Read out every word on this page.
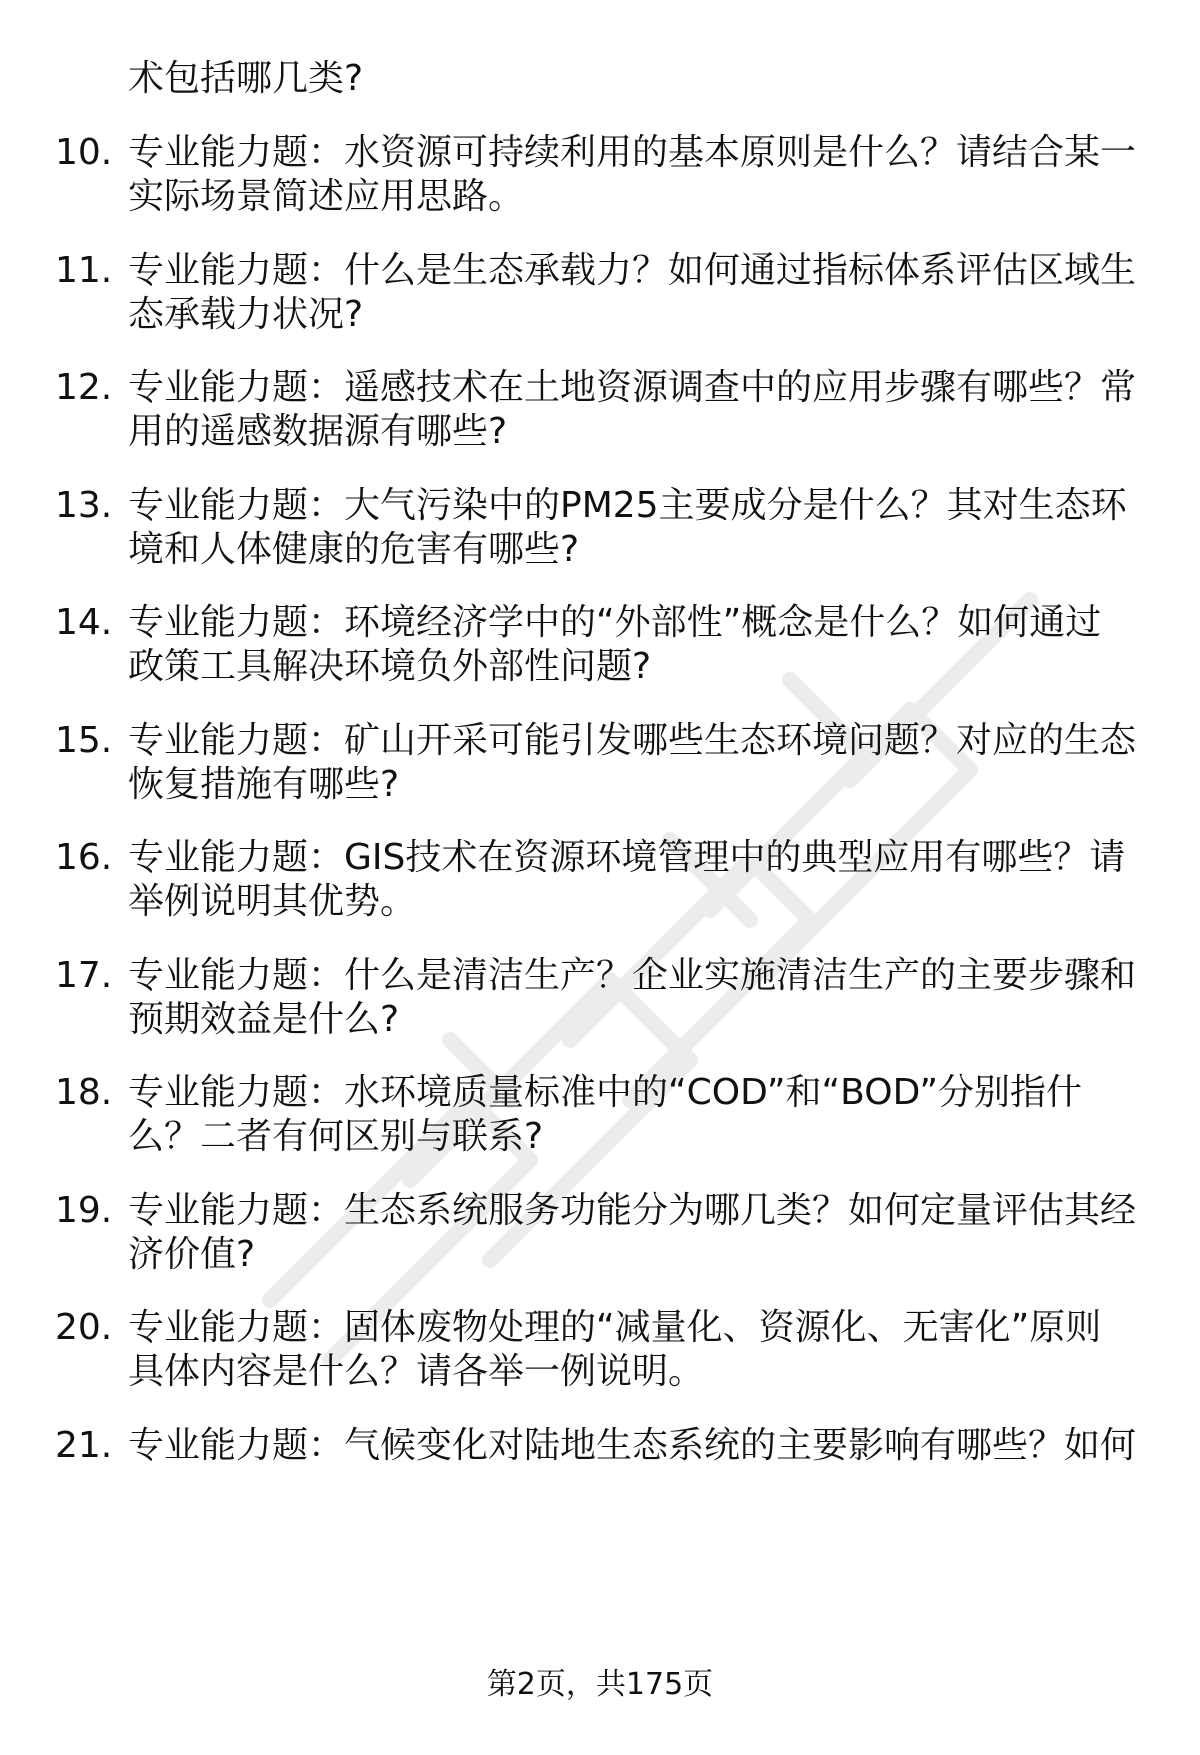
术包括哪几类?
10. 专业能力题：水资源可持续利用的基本原则是什么？请结合某一
实际场景简述应用思路。
11. 专业能力题：什么是生态承载力？如何通过指标体系评估区域生
态承载力状况?
12. 专业能力题：遥感技术在土地资源调查中的应用步骤有哪些？常
用的遥感数据源有哪些?
13. 专业能力题：大气污染中的PM25主要成分是什么？其对生态环
境和人体健康的危害有哪些?
14. 专业能力题：环境经济学中的“外部性”概念是什么？如何通过
政策工具解决环境负外部性问题?
15. 专业能力题：矿山开采可能引发哪些生态环境问题？对应的生态
恢复措施有哪些?
16. 专业能力题：GIS技术在资源环境管理中的典型应用有哪些？请
举例说明其优势。
17. 专业能力题：什么是清洁生产？企业实施清洁生产的主要步骤和
预期效益是什么?
18. 专业能力题：水环境质量标准中的“COD”和“BOD”分别指什
么？二者有何区别与联系?
19. 专业能力题：生态系统服务功能分为哪几类？如何定量评估其经
济价值?
20. 专业能力题：固体废物处理的“减量化、资源化、无害化”原则
具体内容是什么？请各举一例说明。
21. 专业能力题：气候变化对陆地生态系统的主要影响有哪些？如何
第2页，共175页
